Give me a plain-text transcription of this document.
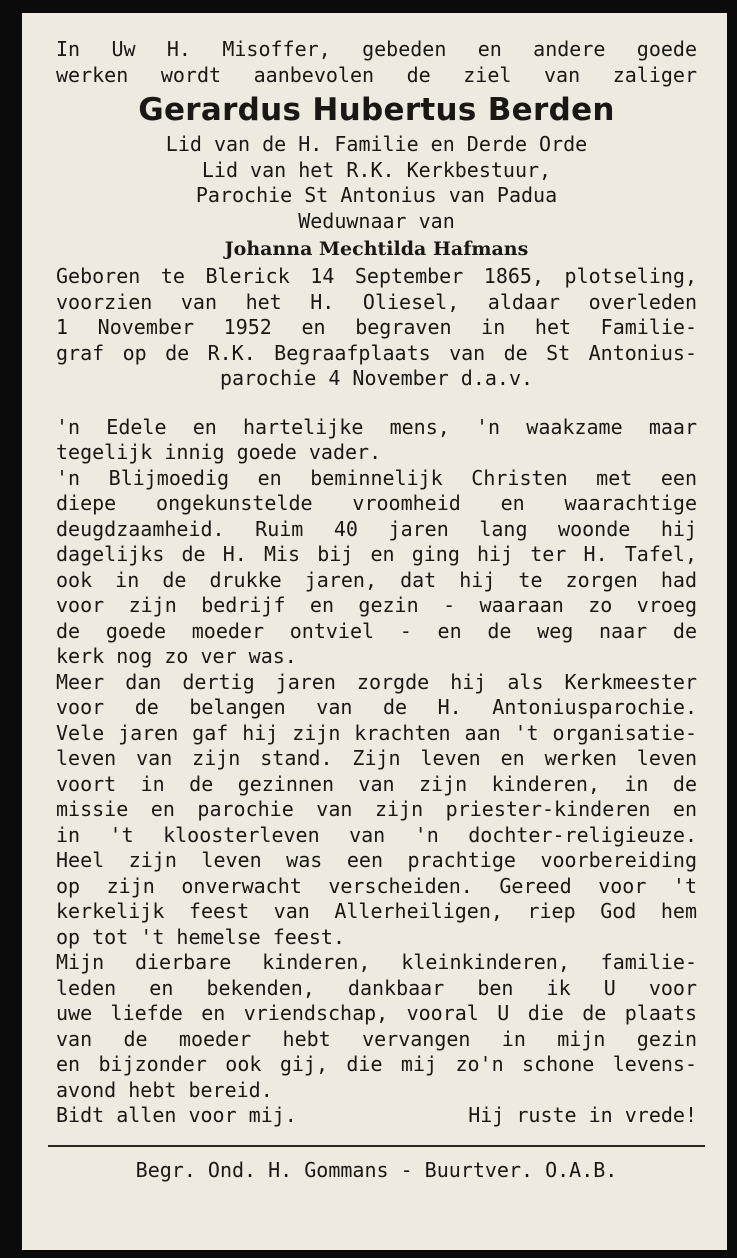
In Uw H. Misoffer, gebeden en andere goede
werken wordt aanbevolen de ziel van zaliger
Gerardus Hubertus Berden
Lid van de H. Familie en Derde Orde
Lid van het R.K. Kerkbestuur,
Parochie St Antonius van Padua
Weduwnaar van
Johanna Mechtilda Hafmans
Geboren te Blerick 14 September 1865, plotseling,
voorzien van het H. Oliesel, aldaar overleden
1 November 1952 en begraven in het Familie-
graf op de R.K. Begraafplaats van de St Antonius-
parochie 4 November d.a.v.
'n Edele en hartelijke mens, 'n waakzame maar
tegelijk innig goede vader.
'n Blijmoedig en beminnelijk Christen met een
diepe ongekunstelde vroomheid en waarachtige
deugdzaamheid. Ruim 40 jaren lang woonde hij
dagelijks de H. Mis bij en ging hij ter H. Tafel,
ook in de drukke jaren, dat hij te zorgen had
voor zijn bedrijf en gezin - waaraan zo vroeg
de goede moeder ontviel - en de weg naar de
kerk nog zo ver was.
Meer dan dertig jaren zorgde hij als Kerkmeester
voor de belangen van de H. Antoniusparochie.
Vele jaren gaf hij zijn krachten aan 't organisatie-
leven van zijn stand. Zijn leven en werken leven
voort in de gezinnen van zijn kinderen, in de
missie en parochie van zijn priester-kinderen en
in 't kloosterleven van 'n dochter-religieuze.
Heel zijn leven was een prachtige voorbereiding
op zijn onverwacht verscheiden. Gereed voor 't
kerkelijk feest van Allerheiligen, riep God hem
op tot 't hemelse feest.
Mijn dierbare kinderen, kleinkinderen, familie-
leden en bekenden, dankbaar ben ik U voor
uwe liefde en vriendschap, vooral U die de plaats
van de moeder hebt vervangen in mijn gezin
en bijzonder ook gij, die mij zo'n schone levens-
avond hebt bereid.
Bidt allen voor mij.	Hij ruste in vrede!
Begr. Ond. H. Gommans - Buurtver. O.A.B.
